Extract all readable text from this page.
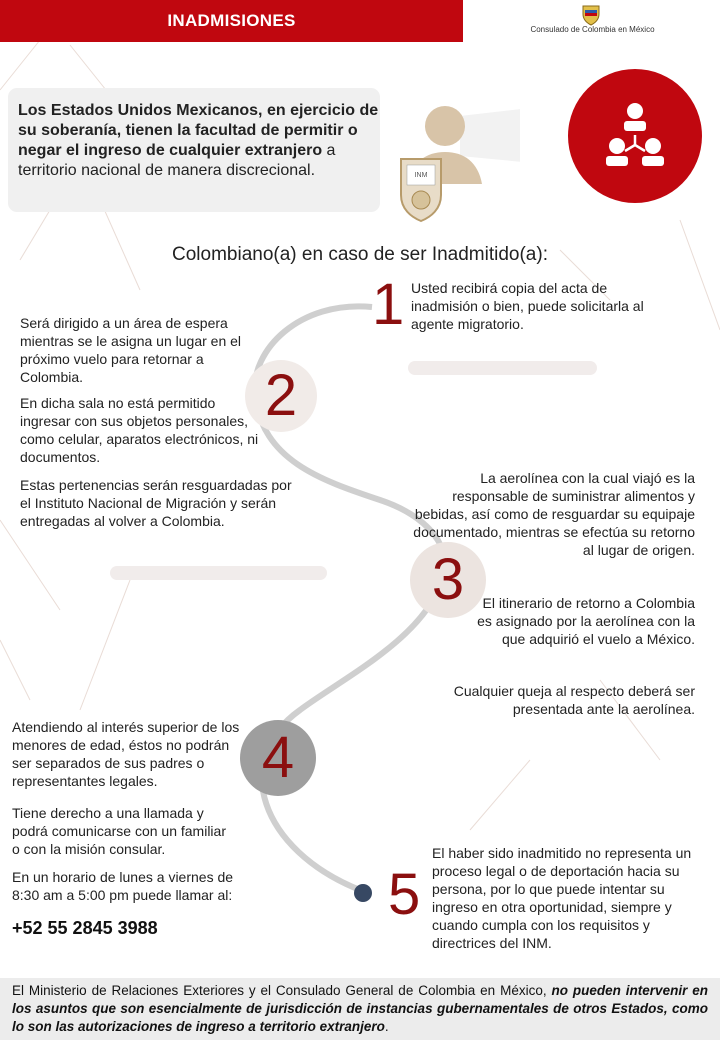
INADMISIONES	Consulado de Colombia en México
Los Estados Unidos Mexicanos, en ejercicio de su soberanía, tienen la facultad de permitir o negar el ingreso de cualquier extranjero a territorio nacional de manera discrecional.	INM
Colombiano(a) en caso de ser Inadmitido(a):
1 Usted recibirá copia del acta de inadmisión o bien, puede solicitarla al agente migratorio.
2
Será dirigido a un área de espera mientras se le asigna un lugar en el próximo vuelo para retornar a Colombia.
En dicha sala no está permitido ingresar con sus objetos personales, como celular, aparatos electrónicos, ni documentos.
Estas pertenencias serán resguardadas por el Instituto Nacional de Migración y serán entregadas al volver a Colombia.
3
La aerolínea con la cual viajó es la responsable de suministrar alimentos y bebidas, así como de resguardar su equipaje documentado, mientras se efectúa su retorno al lugar de origen.
El itinerario de retorno a Colombia es asignado por la aerolínea con la que adquirió el vuelo a México.
Cualquier queja al respecto deberá ser presentada ante la aerolínea.
4
Atendiendo al interés superior de los menores de edad, éstos no podrán ser separados de sus padres o representantes legales.
Tiene derecho a una llamada y podrá comunicarse con un familiar o con la misión consular.
En un horario de lunes a viernes de 8:30 am a 5:00 pm puede llamar al:
+52 55 2845 3988
5
El haber sido inadmitido no representa un proceso legal o de deportación hacia su persona, por lo que puede intentar su ingreso en otra oportunidad, siempre y cuando cumpla con los requisitos y directrices del INM.
El Ministerio de Relaciones Exteriores y el Consulado General de Colombia en México, no pueden intervenir en los asuntos que son esencialmente de jurisdicción de instancias gubernamentales de otros Estados, como lo son las autorizaciones de ingreso a territorio extranjero.
